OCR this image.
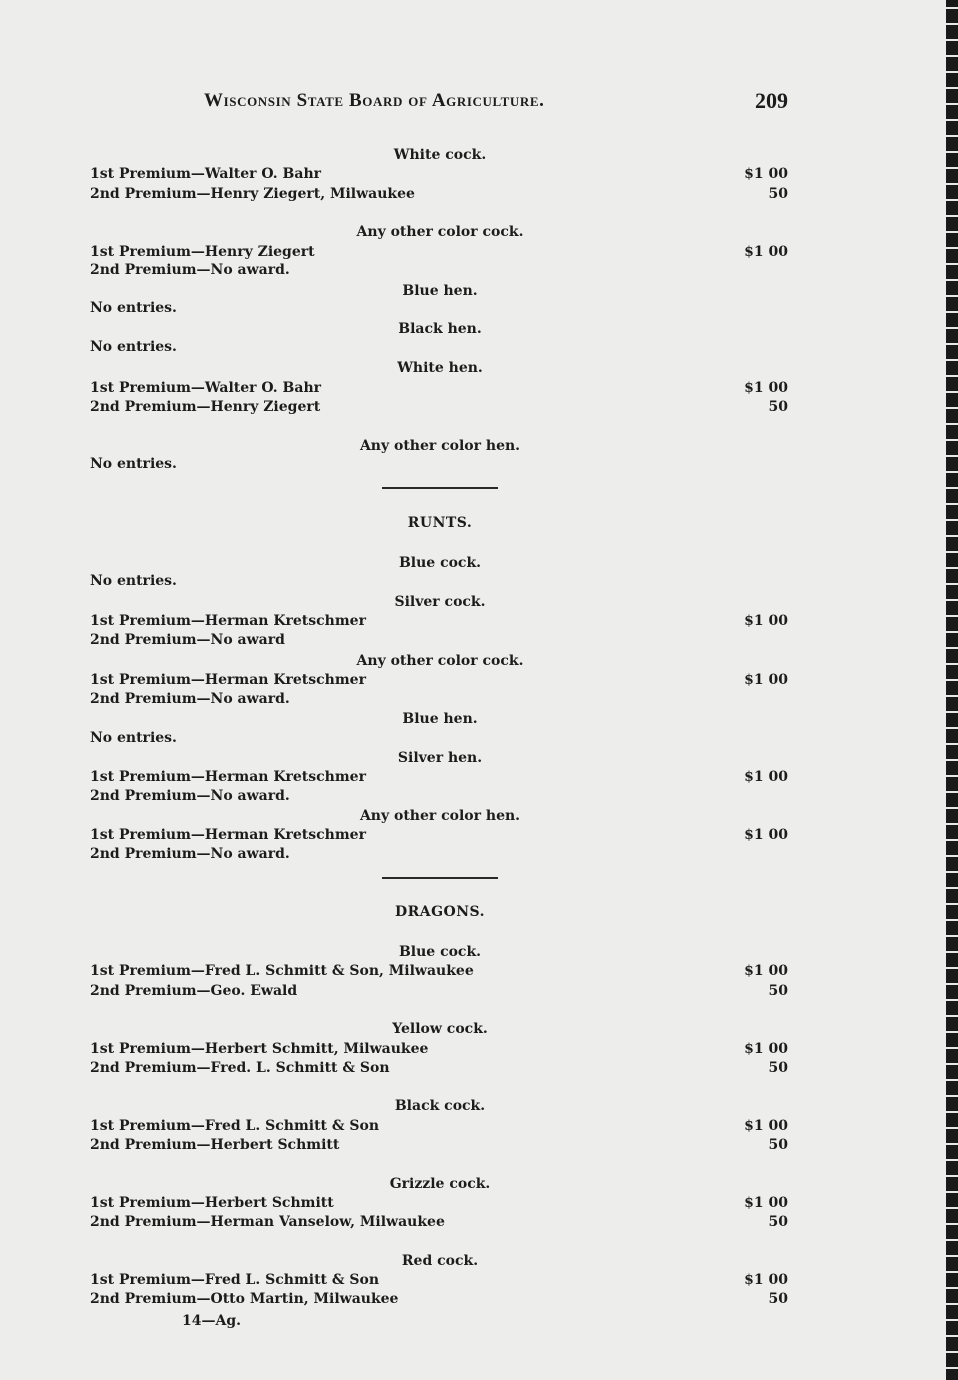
Wisconsin State Board of Agriculture.	209
White cock.
1st Premium—Walter O. Bahr	$1 00
2nd Premium—Henry Ziegert, Milwaukee	50
Any other color cock.
1st Premium—Henry Ziegert	$1 00
2nd Premium—No award.
Blue hen.
No entries.
Black hen.
No entries.
White hen.
1st Premium—Walter O. Bahr	$1 00
2nd Premium—Henry Ziegert	50
Any other color hen.
No entries.
RUNTS.
Blue cock.
No entries.
Silver cock.
1st Premium—Herman Kretschmer	$1 00
2nd Premium—No award
Any other color cock.
1st Premium—Herman Kretschmer	$1 00
2nd Premium—No award.
Blue hen.
No entries.
Silver hen.
1st Premium—Herman Kretschmer	$1 00
2nd Premium—No award.
Any other color hen.
1st Premium—Herman Kretschmer	$1 00
2nd Premium—No award.
DRAGONS.
Blue cock.
1st Premium—Fred L. Schmitt & Son, Milwaukee	$1 00
2nd Premium—Geo. Ewald	50
Yellow cock.
1st Premium—Herbert Schmitt, Milwaukee	$1 00
2nd Premium—Fred. L. Schmitt & Son	50
Black cock.
1st Premium—Fred L. Schmitt & Son	$1 00
2nd Premium—Herbert Schmitt	50
Grizzle cock.
1st Premium—Herbert Schmitt	$1 00
2nd Premium—Herman Vanselow, Milwaukee	50
Red cock.
1st Premium—Fred L. Schmitt & Son	$1 00
2nd Premium—Otto Martin, Milwaukee	50
14—Ag.
